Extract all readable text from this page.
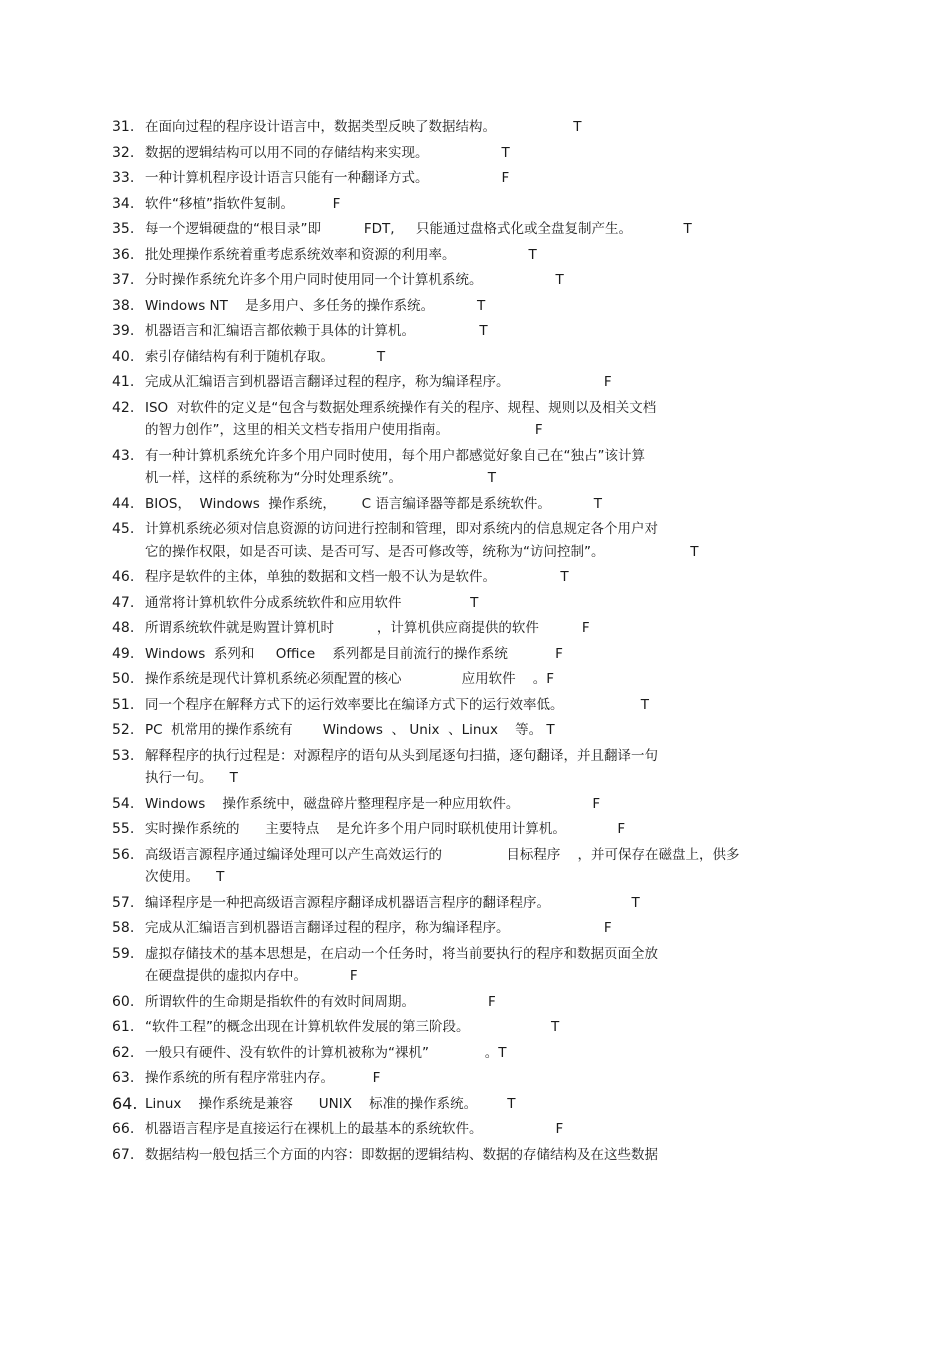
31. 在面向过程的程序设计语言中，数据类型反映了数据结构。                  T
32. 数据的逻辑结构可以用不同的存储结构来实现。                 T
33. 一种计算机程序设计语言只能有一种翻译方式。                 F
34. 软件“移植”指软件复制。         F
35. 每一个逻辑硬盘的“根目录”即          FDT,     只能通过盘格式化或全盘复制产生。            T
36. 批处理操作系统着重考虑系统效率和资源的利用率。                 T
37. 分时操作系统允许多个用户同时使用同一个计算机系统。                 T
38. Windows NT    是多用户、多任务的操作系统。          T
39. 机器语言和汇编语言都依赖于具体的计算机。               T
40. 索引存储结构有利于随机存取。          T
41. 完成从汇编语言到机器语言翻译过程的程序，称为编译程序。                      F
42. ISO  对软件的定义是“包含与数据处理系统操作有关的程序、规程、规则以及相关文档
的智力创作”，这里的相关文档专指用户使用指南。                    F
43. 有一种计算机系统允许多个用户同时使用，每个用户都感觉好象自己在“独占”该计算
机一样，这样的系统称为“分时处理系统”。                    T
44. BIOS，  Windows  操作系统，      C 语言编译器等都是系统软件。          T
45. 计算机系统必须对信息资源的访问进行控制和管理，即对系统内的信息规定各个用户对
它的操作权限，如是否可读、是否可写、是否可修改等，统称为“访问控制”。                    T
46. 程序是软件的主体，单独的数据和文档一般不认为是软件。               T
47. 通常将计算机软件分成系统软件和应用软件                T
48. 所谓系统软件就是购置计算机时          ，计算机供应商提供的软件          F
49. Windows  系列和     Office    系列都是目前流行的操作系统           F
50. 操作系统是现代计算机系统必须配置的核心              应用软件    。F
51. 同一个程序在解释方式下的运行效率要比在编译方式下的运行效率低。                  T
52. PC  机常用的操作系统有       Windows  、 Unix  、Linux    等。 T
53. 解释程序的执行过程是：对源程序的语句从头到尾逐句扫描，逐句翻译，并且翻译一句
执行一句。    T
54. Windows    操作系统中，磁盘碎片整理程序是一种应用软件。                 F
55. 实时操作系统的      主要特点    是允许多个用户同时联机使用计算机。            F
56. 高级语言源程序通过编译处理可以产生高效运行的               目标程序    ，并可保存在磁盘上，供多
次使用。    T
57. 编译程序是一种把高级语言源程序翻译成机器语言程序的翻译程序。                   T
58. 完成从汇编语言到机器语言翻译过程的程序，称为编译程序。                      F
59. 虚拟存储技术的基本思想是，在启动一个任务时，将当前要执行的程序和数据页面全放
在硬盘提供的虚拟内存中。          F
60. 所谓软件的生命期是指软件的有效时间周期。                 F
61. “软件工程”的概念出现在计算机软件发展的第三阶段。                   T
62. 一般只有硬件、没有软件的计算机被称为“裸机”             。T
63. 操作系统的所有程序常驻内存。         F
64. Linux    操作系统是兼容      UNIX    标准的操作系统。       T
66. 机器语言程序是直接运行在裸机上的最基本的系统软件。                 F
67. 数据结构一般包括三个方面的内容：即数据的逻辑结构、数据的存储结构及在这些数据
